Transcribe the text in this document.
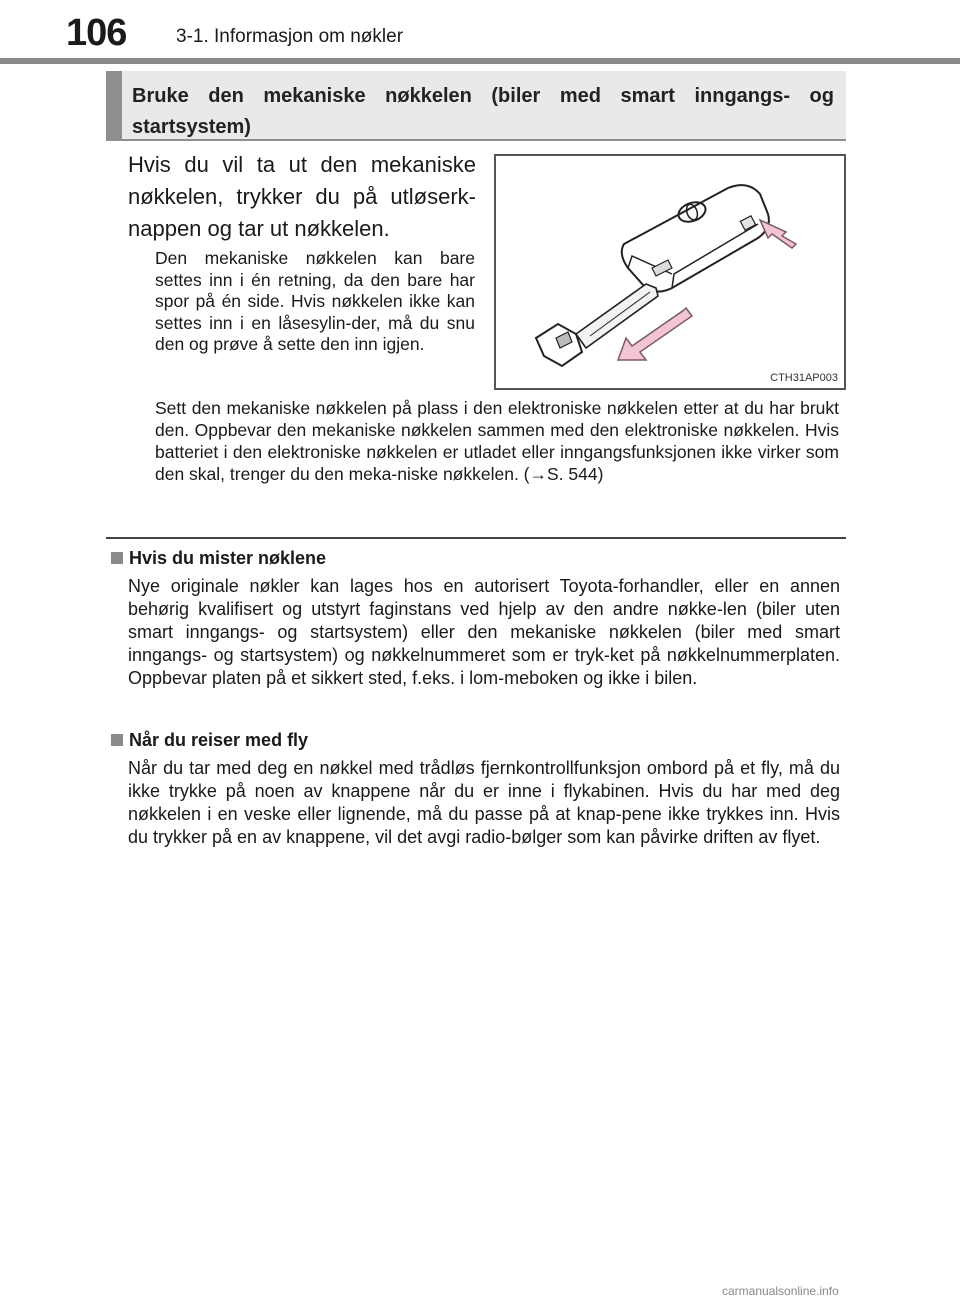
106	3-1. Informasjon om nøkler
Bruke den mekaniske nøkkelen (biler med smart inngangs- og startsystem)
Hvis du vil ta ut den mekaniske nøkkelen, trykker du på utløserk-nappen og tar ut nøkkelen.
Den mekaniske nøkkelen kan bare settes inn i én retning, da den bare har spor på én side. Hvis nøkkelen ikke kan settes inn i en låsesylin-der, må du snu den og prøve å sette den inn igjen.
CTH31AP003
Sett den mekaniske nøkkelen på plass i den elektroniske nøkkelen etter at du har brukt den. Oppbevar den mekaniske nøkkelen sammen med den elektroniske nøkkelen. Hvis batteriet i den elektroniske nøkkelen er utladet eller inngangsfunksjonen ikke virker som den skal, trenger du den meka-niske nøkkelen. (→S. 544)
Hvis du mister nøklene
Nye originale nøkler kan lages hos en autorisert Toyota-forhandler, eller en annen behørig kvalifisert og utstyrt faginstans ved hjelp av den andre nøkke-len (biler uten smart inngangs- og startsystem) eller den mekaniske nøkkelen (biler med smart inngangs- og startsystem) og nøkkelnummeret som er tryk-ket på nøkkelnummerplaten. Oppbevar platen på et sikkert sted, f.eks. i lom-meboken og ikke i bilen.
Når du reiser med fly
Når du tar med deg en nøkkel med trådløs fjernkontrollfunksjon ombord på et fly, må du ikke trykke på noen av knappene når du er inne i flykabinen. Hvis du har med deg nøkkelen i en veske eller lignende, må du passe på at knap-pene ikke trykkes inn. Hvis du trykker på en av knappene, vil det avgi radio-bølger som kan påvirke driften av flyet.
carmanualsonline.info
